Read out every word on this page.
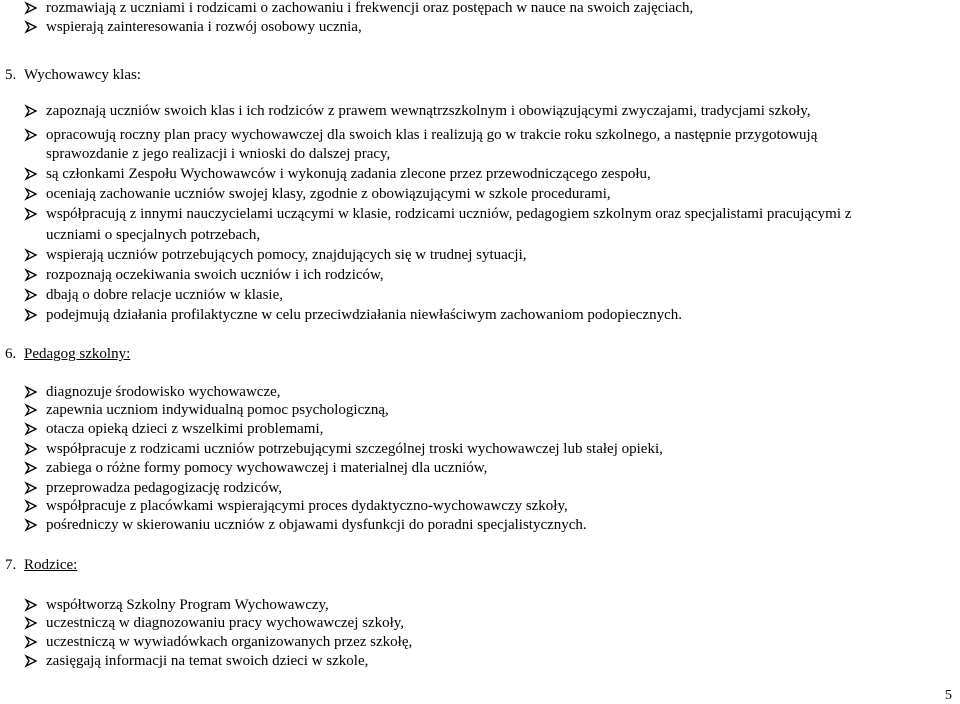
rozmawiają z uczniami i rodzicami o zachowaniu i frekwencji oraz postępach w nauce na swoich zajęciach,
wspierają zainteresowania i rozwój osobowy ucznia,
5. Wychowawcy klas:
zapoznają uczniów swoich klas i ich rodziców z prawem wewnątrzszkolnym i obowiązującymi zwyczajami, tradycjami szkoły,
opracowują roczny plan pracy wychowawczej dla swoich klas i realizują go w trakcie roku szkolnego, a następnie przygotowują
sprawozdanie z jego realizacji i wnioski do dalszej pracy,
są członkami Zespołu Wychowawców i wykonują zadania zlecone przez przewodniczącego zespołu,
oceniają zachowanie uczniów swojej klasy, zgodnie z obowiązującymi w szkole procedurami,
współpracują z innymi nauczycielami uczącymi w klasie, rodzicami uczniów, pedagogiem szkolnym oraz specjalistami pracującymi z
uczniami o specjalnych potrzebach,
wspierają uczniów potrzebujących pomocy, znajdujących się w trudnej sytuacji,
rozpoznają oczekiwania swoich uczniów i ich rodziców,
dbają o dobre relacje uczniów w klasie,
podejmują działania profilaktyczne w celu przeciwdziałania niewłaściwym zachowaniom podopiecznych.
6. Pedagog szkolny:
diagnozuje środowisko wychowawcze,
zapewnia uczniom indywidualną pomoc psychologiczną,
otacza opieką dzieci z wszelkimi problemami,
współpracuje z rodzicami uczniów potrzebującymi szczególnej troski wychowawczej lub stałej opieki,
zabiega o różne formy pomocy wychowawczej i materialnej dla uczniów,
przeprowadza pedagogizację rodziców,
współpracuje z placówkami wspierającymi proces dydaktyczno-wychowawczy szkoły,
pośredniczy w skierowaniu uczniów z objawami dysfunkcji do poradni specjalistycznych.
7. Rodzice:
współtworzą Szkolny Program Wychowawczy,
uczestniczą w diagnozowaniu pracy wychowawczej szkoły,
uczestniczą w wywiadówkach organizowanych przez szkołę,
zasięgają informacji na temat swoich dzieci w szkole,
5
